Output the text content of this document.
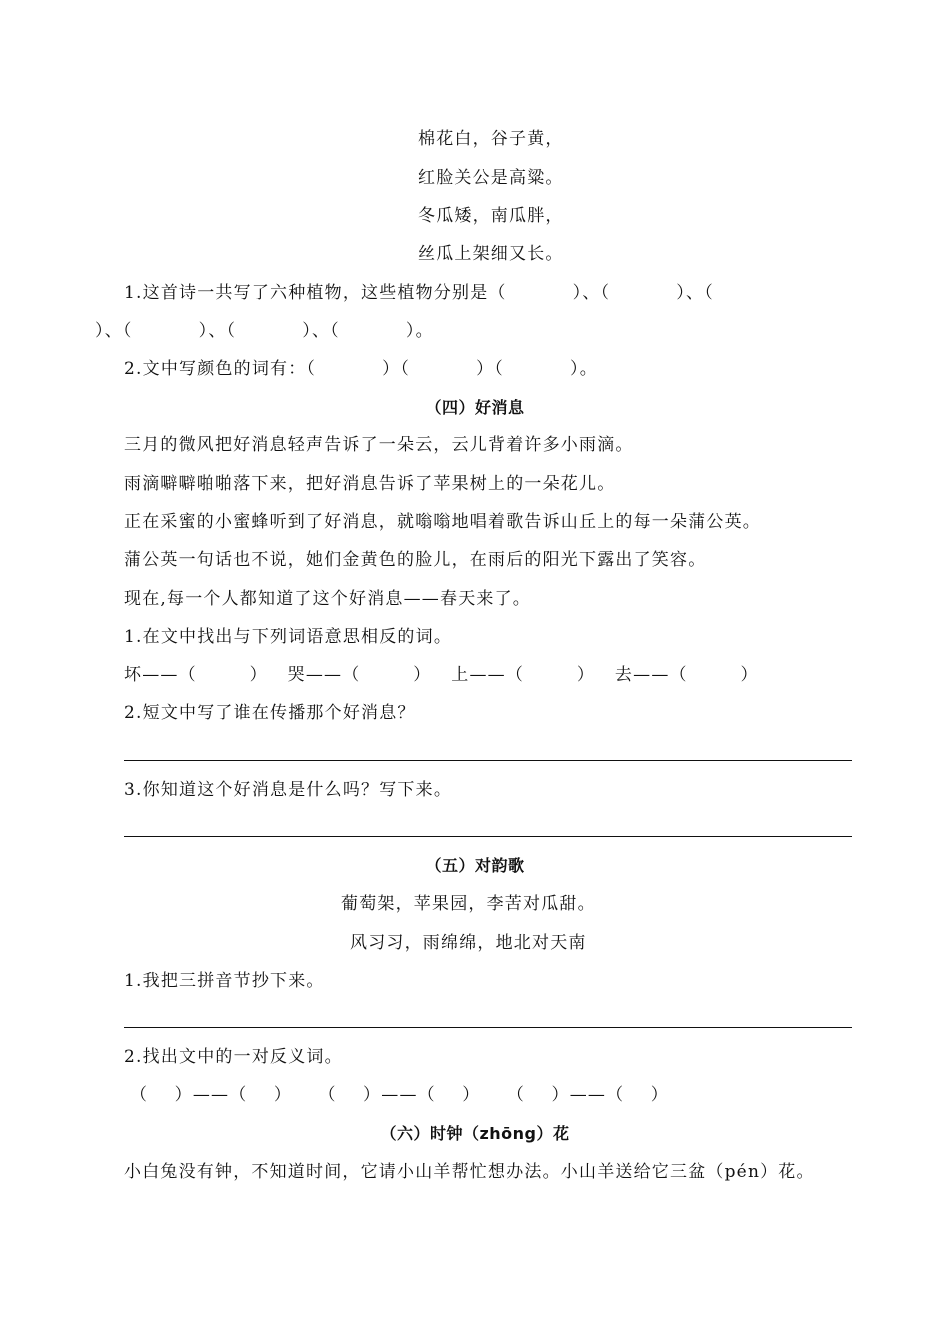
棉花白，谷子黄，
红脸关公是高粱。
冬瓜矮，南瓜胖，
丝瓜上架细又长。
1.这首诗一共写了六种植物，这些植物分别是（          ）、（          ）、（
）、（          ）、（          ）、（          ）。
2.文中写颜色的词有：（          ）（          ）（          ）。
（四）好消息
三月的微风把好消息轻声告诉了一朵云，云儿背着许多小雨滴。
雨滴噼噼啪啪落下来，把好消息告诉了苹果树上的一朵花儿。
正在采蜜的小蜜蜂听到了好消息，就嗡嗡地唱着歌告诉山丘上的每一朵蒲公英。
蒲公英一句话也不说，她们金黄色的脸儿，在雨后的阳光下露出了笑容。
现在,每一个人都知道了这个好消息——春天来了。
1.在文中找出与下列词语意思相反的词。
坏——（        ）   哭——（        ）   上——（        ）   去——（        ）
2.短文中写了谁在传播那个好消息？
3.你知道这个好消息是什么吗？写下来。
（五）对韵歌
葡萄架，苹果园，李苦对瓜甜。
风习习，雨绵绵，地北对天南
1.我把三拼音节抄下来。
2.找出文中的一对反义词。
（    ）——（    ）    （    ）——（    ）    （    ）——（    ）
（六）时钟（zhōng）花
小白兔没有钟，不知道时间，它请小山羊帮忙想办法。小山羊送给它三盆（pén）花。
